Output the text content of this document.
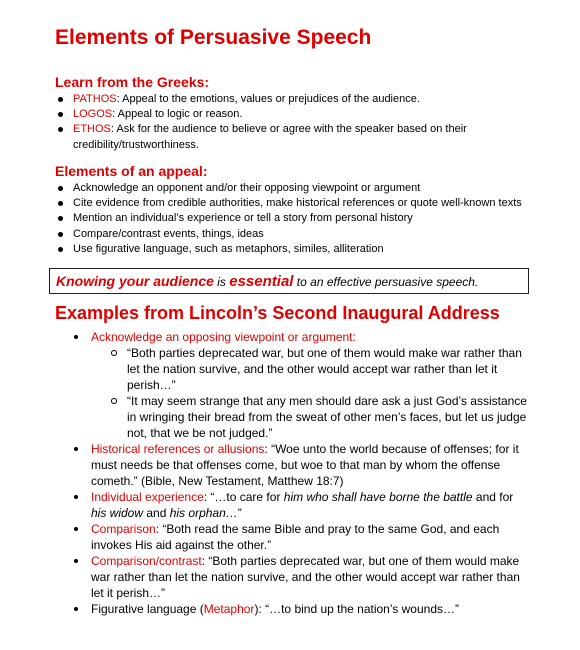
Elements of Persuasive Speech
Learn from the Greeks:
PATHOS: Appeal to the emotions, values or prejudices of the audience.
LOGOS: Appeal to logic or reason.
ETHOS: Ask for the audience to believe or agree with the speaker based on their credibility/trustworthiness.
Elements of an appeal:
Acknowledge an opponent and/or their opposing viewpoint or argument
Cite evidence from credible authorities, make historical references or quote well-known texts
Mention an individual’s experience or tell a story from personal history
Compare/contrast events, things, ideas
Use figurative language, such as metaphors, similes, alliteration
Knowing your audience is essential to an effective persuasive speech.
Examples from Lincoln’s Second Inaugural Address
Acknowledge an opposing viewpoint or argument:
“Both parties deprecated war, but one of them would make war rather than let the nation survive, and the other would accept war rather than let it perish…”
“It may seem strange that any men should dare ask a just God’s assistance in wringing their bread from the sweat of other men’s faces, but let us judge not, that we be not judged.”
Historical references or allusions: “Woe unto the world because of offenses; for it must needs be that offenses come, but woe to that man by whom the offense cometh.” (Bible, New Testament, Matthew 18:7)
Individual experience: “…to care for him who shall have borne the battle and for his widow and his orphan…”
Comparison: “Both read the same Bible and pray to the same God, and each invokes His aid against the other.”
Comparison/contrast: “Both parties deprecated war, but one of them would make war rather than let the nation survive, and the other would accept war rather than let it perish…”
Figurative language (Metaphor): “…to bind up the nation’s wounds…”
